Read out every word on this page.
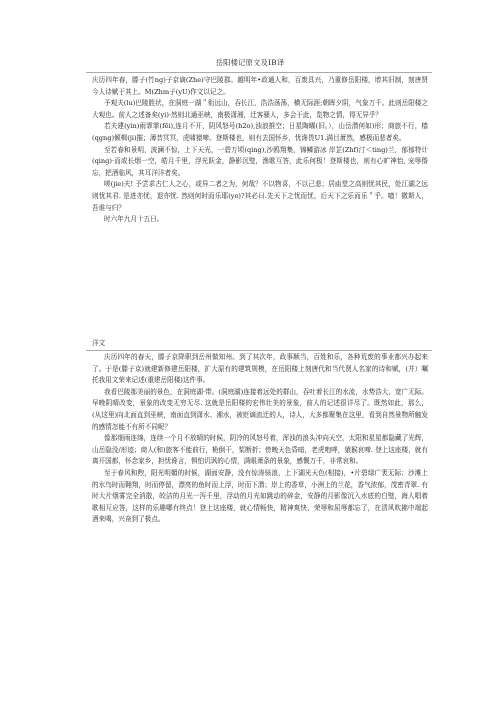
岳阳楼记原文及IB译

庆历四年春，滕子(竹ng)子京谪(Zhe)守巴陵郡。越明年•政通人和，百废具兴，乃重修岳阳楼，增其旧制，刻唐贤今人诗赋于其上。M(Zhm子(yU)作文以记之。

予观夫(lu)巴陵胜状，在洞庭一湖＂衔远山，吞长江，浩浩荡荡，横无际涯;朝晖夕阴，气象万千。此则岳阳楼之大观也。前人之述备矣(yi)·然则北通巫峡，南极潇湘，迁客骚人，多会于此，览物之情，得无异乎？

若夫建(yin)雨霏霏(fēi),连月不开，阴风怒号(h2o),浊浪推空；日星陶曜(旧。），山岳潜何如)形；商旅不行，樯(qgng)倾楫(ji)摧；薄昔冥冥，虎啸猿啼。登斯楼也，则有去国怀乡，忧谗畏U1.满目萧然，感极而悲者矣。

至若春和景明，波澜不惊，上下天光，一碧万顷(qing),沙鸥翔集，锦鳞游冰 岸芷(Zhf)汀＜ting)兰，郁郁特计(qing)·而或长烟一空，皓月千里，浮光跃金，静影沉璧，渔歌互答，此乐何极！登斯楼也，则有心旷神怡, 宠辱偕忘，把酒临风，其耳洋洋者矣。

嗟(jie)夫! 予尝求古仁人之心，或异二者之为，何哉？不以物喜，不以己悲；居庙堂之高则忧其民，处江湖之远则忧其君. 是进亦忧，退亦忧. 然则何时而乐耶(ye)?其必曰.先天下之忧而忧，后天下之乐而乐＂乎。噫！微斯人，吾谁与归？

时六年九月十五日。

洋文

庆历四年的春天，滕子京降职到岳州做知州。到了其次年，政事顺当，百姓和乐，各种荒废的事业都兴办起来了。于是(滕子京)就建新修建岳阳楼，扩大原有的建筑规模，在岳阳楼上刻唐代和当代贤人名家的诗和赋，(并）嘱托我用文荣来记述(重建岳阳楼)这件事。

我看巴陵那美丽的景色，在洞庭湖·带。(洞庭湖)连接着远处的群山，吞吐着长江的水流，水势浩大，宽广无际。早晚阴晴改变，景象的改变无穷无尽. 这就是岳阳楼的宏伟壮美的景象，前人的记述很详尽了。既然如此，那么，(从这里)向北面直到巫峡，南面直到潇水、湘水，被贬谪流迁的人，诗人，大多都聚集在这里，看到自然景物所触发的感情怎能不有所不同呢？

像那细雨连绵，连续一个月不放晴的时候，阴冷的风怒号着，浑浊的浪头冲向天空，太阳和星星都隐藏了光辉，山岳隐没/形迹；商人(和)旅客不能前行，桅倒干，桨断折；傍晚天色昏暗，老虎咆哮，猿猴哀啼. 登上这座楼，就有离开国都，怀念家乡，担忧谗言，惧怕讥讽的心情，满眼萧条的景象，感慨万千，非常哀和。

至于春风和煦，阳光明媚的时候，湖面安静，没有惊涛骇浪，上下湖光天色(相接)，•片碧绿广袤无际；沙滩上的水鸟时而翱翔，时而停留，漂亮的鱼时而上浮，时而下潜；岸上的香草，小洲上的兰花，香气浓郁，茂密青翠. 有时大片烟雾完全消散，皎洁的月光一泻千里，浮动的月光如跳动的碎金，安静的月影像沉入水底的白璧，海人唱着歌相互应答，这样的乐趣哪有终点！登上这座楼，就心情畅快，精神爽快，荣辱和屈辱都忘了，在清风吹拂中端起酒来喝，兴奋到了极点。
